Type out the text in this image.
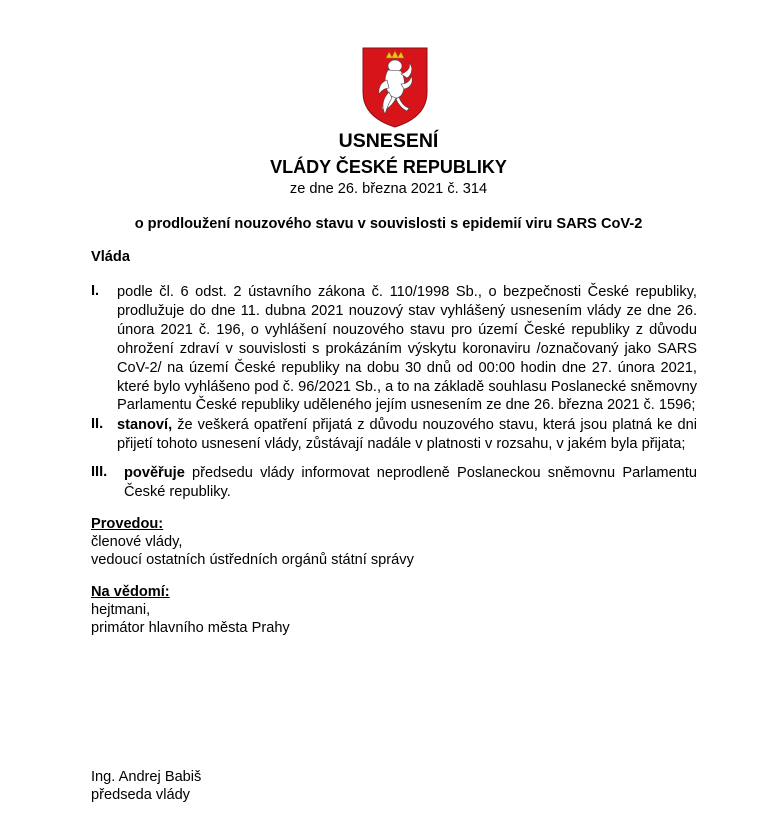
USNESENÍ
VLÁDY ČESKÉ REPUBLIKY
ze dne 26. března 2021 č. 314
o prodloužení nouzového stavu v souvislosti s epidemií viru SARS CoV-2
Vláda
I. podle čl. 6 odst. 2 ústavního zákona č. 110/1998 Sb., o bezpečnosti České republiky, prodlužuje do dne 11. dubna 2021 nouzový stav vyhlášený usnesením vlády ze dne 26. února 2021 č. 196, o vyhlášení nouzového stavu pro území České republiky z důvodu ohrožení zdraví v souvislosti s prokázáním výskytu koronaviru /označovaný jako SARS CoV-2/ na území České republiky na dobu 30 dnů od 00:00 hodin dne 27. února 2021, které bylo vyhlášeno pod č. 96/2021 Sb., a to na základě souhlasu Poslanecké sněmovny Parlamentu České republiky uděleného jejím usnesením ze dne 26. března 2021 č. 1596;
II. stanoví, že veškerá opatření přijatá z důvodu nouzového stavu, která jsou platná ke dni přijetí tohoto usnesení vlády, zůstávají nadále v platnosti v rozsahu, v jakém byla přijata;
III. pověřuje předsedu vlády informovat neprodleně Poslaneckou sněmovnu Parlamentu České republiky.
Provedou:
členové vlády,
vedoucí ostatních ústředních orgánů státní správy
Na vědomí:
hejtmani,
primátor hlavního města Prahy
Ing. Andrej Babiš
předseda vlády
